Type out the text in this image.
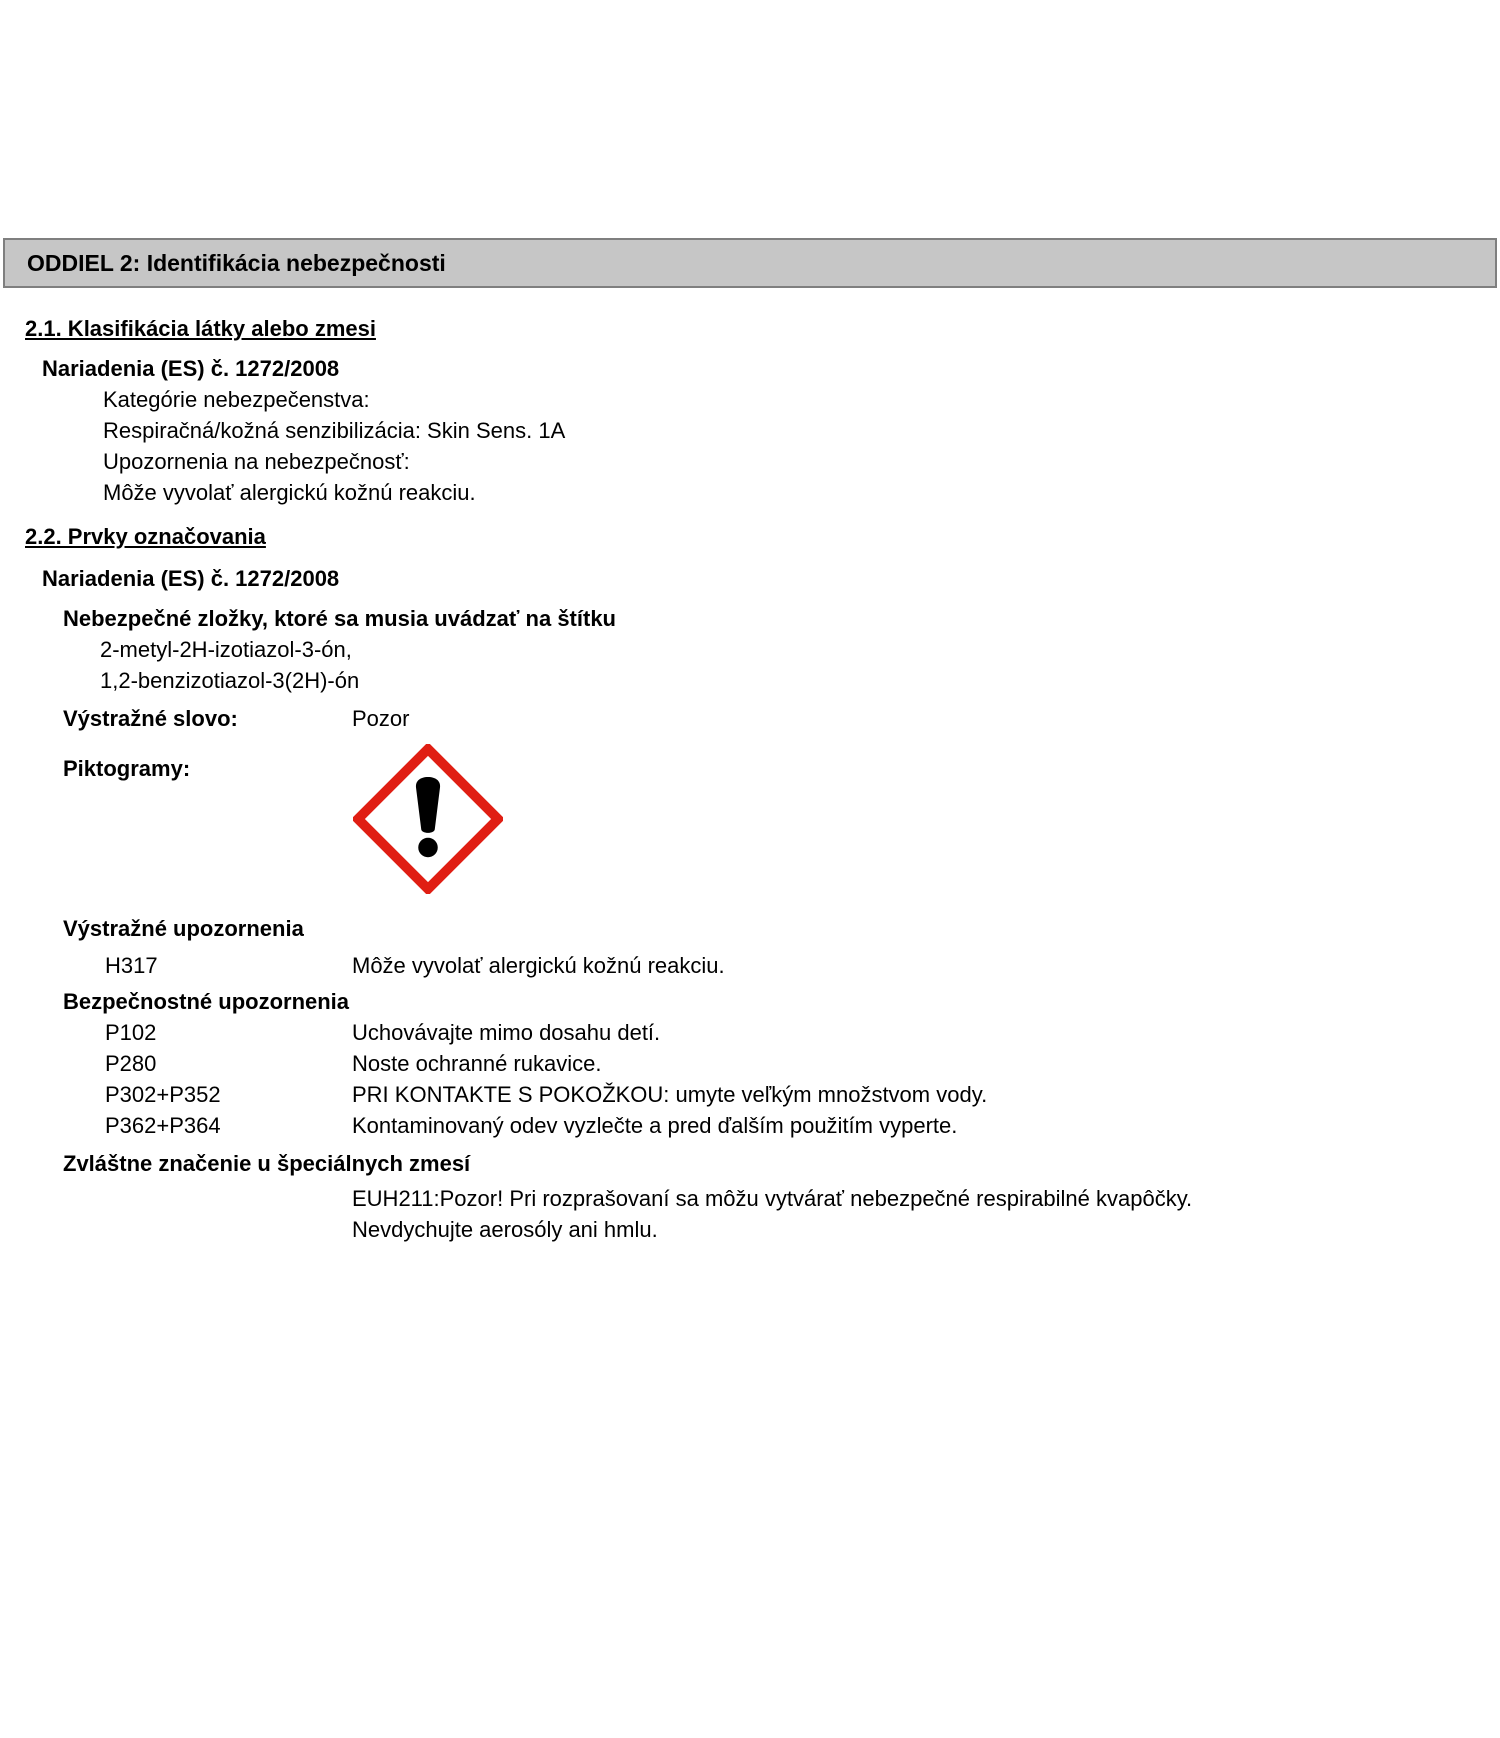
ODDIEL 2: Identifikácia nebezpečnosti
2.1. Klasifikácia látky alebo zmesi
Nariadenia (ES) č. 1272/2008
Kategórie nebezpečenstva:
Respiračná/kožná senzibilizácia: Skin Sens. 1A
Upozornenia na nebezpečnosť:
Môže vyvolať alergickú kožnú reakciu.
2.2. Prvky označovania
Nariadenia (ES) č. 1272/2008
Nebezpečné zložky, ktoré sa musia uvádzať na štítku
2-metyl-2H-izotiazol-3-ón,
1,2-benzizotiazol-3(2H)-ón
Výstražné slovo:	Pozor
Piktogramy:
Výstražné upozornenia
H317	Môže vyvolať alergickú kožnú reakciu.
Bezpečnostné upozornenia
P102	Uchovávajte mimo dosahu detí.
P280	Noste ochranné rukavice.
P302+P352	PRI KONTAKTE S POKOŽKOU: umyte veľkým množstvom vody.
P362+P364	Kontaminovaný odev vyzlečte a pred ďalším použitím vyperte.
Zvláštne značenie u špeciálnych zmesí
EUH211:Pozor! Pri rozprašovaní sa môžu vytvárať nebezpečné respirabilné kvapôčky.
Nevdychujte aerosóly ani hmlu.
